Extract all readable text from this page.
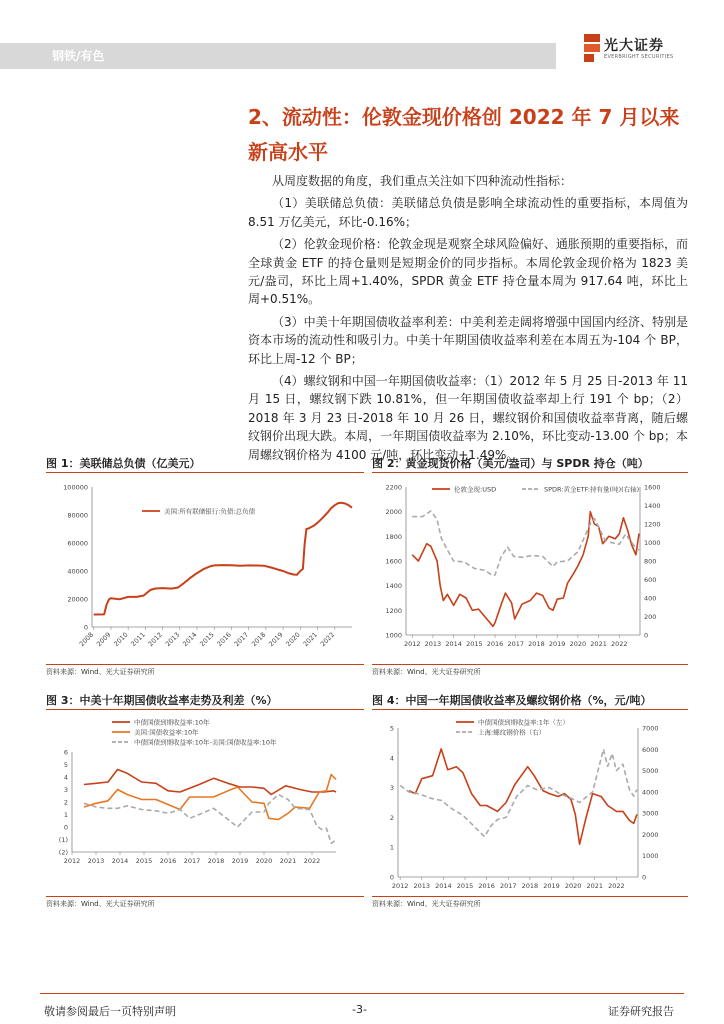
钢铁/有色
光大证券
EVERBRIGHT SECURITIES
2、流动性：伦敦金现价格创 2022 年 7 月以来新高水平

从周度数据的角度，我们重点关注如下四种流动性指标：

（1）美联储总负债：美联储总负债是影响全球流动性的重要指标，本周值为 8.51 万亿美元，环比-0.16%；

（2）伦敦金现价格：伦敦金现是观察全球风险偏好、通胀预期的重要指标，而全球黄金 ETF 的持仓量则是短期金价的同步指标。本周伦敦金现价格为 1823 美元/盎司，环比上周+1.40%，SPDR 黄金 ETF 持仓量本周为 917.64 吨，环比上周+0.51%。

（3）中美十年期国债收益率利差：中美利差走阔将增强中国国内经济、特别是资本市场的流动性和吸引力。中美十年期国债收益率利差在本周五为-104 个 BP，环比上周-12 个 BP；

（4）螺纹钢和中国一年期国债收益率：（1）2012 年 5 月 25 日-2013 年 11 月 15 日，螺纹钢下跌 10.81%，但一年期国债收益率却上行 191 个 bp；（2）2018 年 3 月 23 日-2018 年 10 月 26 日，螺纹钢价和国债收益率背离，随后螺纹钢价出现大跌。本周，一年期国债收益率为 2.10%，环比变动-13.00 个 bp；本周螺纹钢价格为 4100 元/吨，环比变动+1.49%。

图 1：美联储总负债（亿美元）
0
20000
40000
60000
80000
100000
2008 2009 2010 2011 2012 2013 2014 2015 2016 2017 2018 2019 2020 2021 2022
美国:所有联储银行:负债:总负债
资料来源：Wind、光大证券研究所
图 2：黄金现货价格（美元/盎司）与 SPDR 持仓（吨）
1000
1200
1400
1600
1800
2000
2200
0
200
400
600
800
1000
1200
1400
1600
2012 2013 2014 2015 2016 2017 2018 2019 2020 2021 2022
伦敦金现:USD	SPDR:黄金ETF:持有量(吨)(右轴)
资料来源：Wind、光大证券研究所
图 3：中美十年期国债收益率走势及利差（%）
(2)
(1)
0
1
2
3
4
5
6
2012 2013 2014 2015 2016 2017 2018 2019 2020 2021 2022
中债国债到期收益率:10年
美国:国债收益率:10年
中债国债到期收益率:10年-美国:国债收益率:10年
资料来源：Wind、光大证券研究所
图 4：中国一年期国债收益率及螺纹钢价格（%，元/吨）
0
1
2
3
4
5
0
1000
2000
3000
4000
5000
6000
7000
2012 2013 2014 2015 2016 2017 2018 2019 2020 2021 2022
中债国债到期收益率:1年（左）
上海:螺纹钢价格（右）
资料来源：Wind、光大证券研究所
敬请参阅最后一页特别声明	-3-	证券研究报告
